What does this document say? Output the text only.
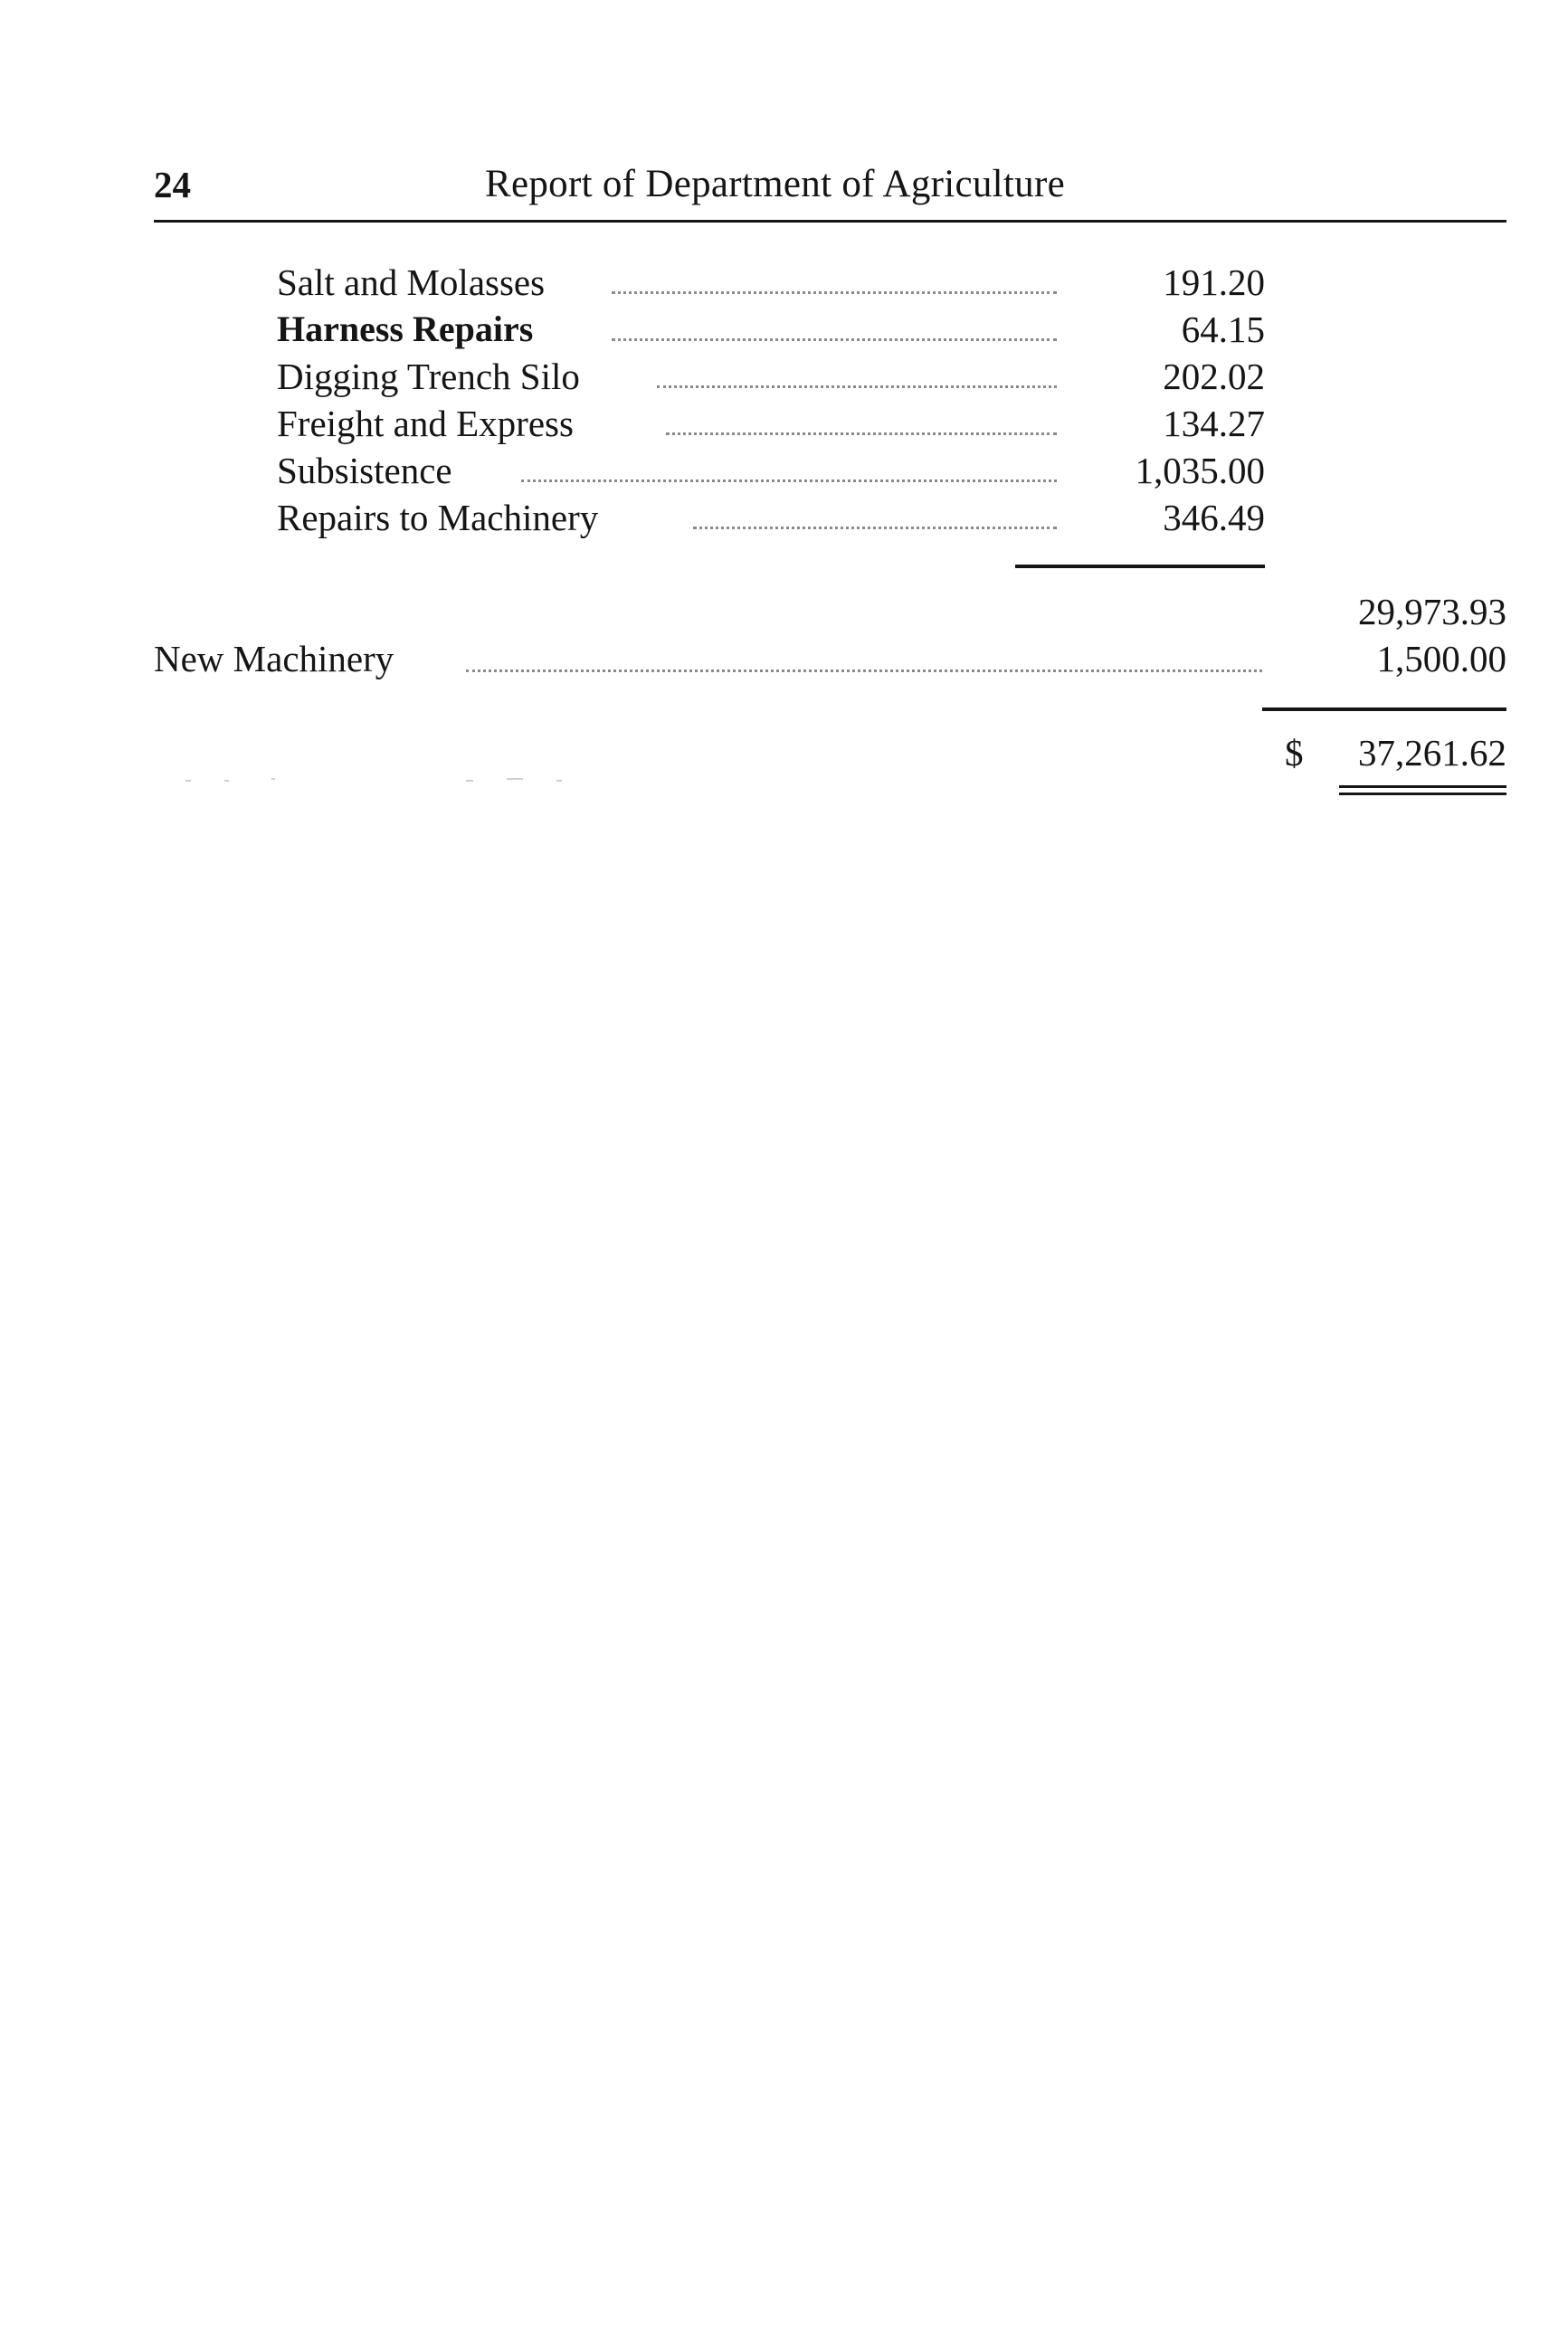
24	Report of Department of Agriculture
Salt and Molasses	191.20
Harness Repairs	64.15
Digging Trench Silo	202.02
Freight and Express	134.27
Subsistence	1,035.00
Repairs to Machinery	346.49
29,973.93
New Machinery	1,500.00
$ 37,261.62
